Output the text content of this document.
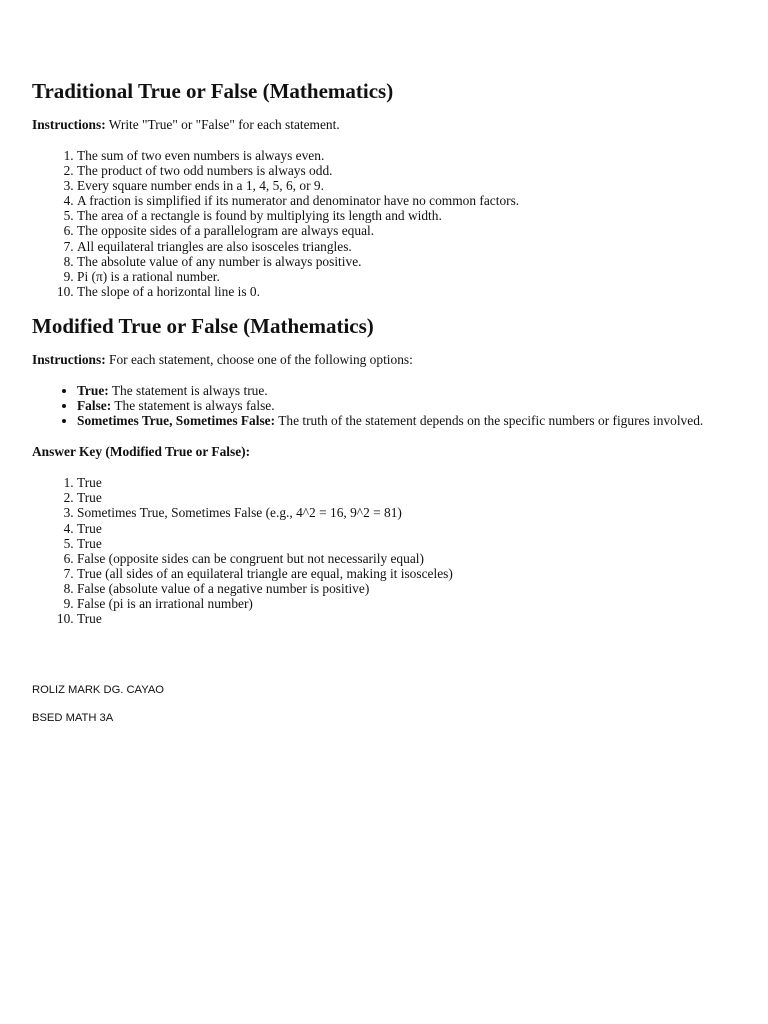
Traditional True or False (Mathematics)

Instructions: Write "True" or "False" for each statement.

1. The sum of two even numbers is always even.
2. The product of two odd numbers is always odd.
3. Every square number ends in a 1, 4, 5, 6, or 9.
4. A fraction is simplified if its numerator and denominator have no common factors.
5. The area of a rectangle is found by multiplying its length and width.
6. The opposite sides of a parallelogram are always equal.
7. All equilateral triangles are also isosceles triangles.
8. The absolute value of any number is always positive.
9. Pi (π) is a rational number.
10. The slope of a horizontal line is 0.
Modified True or False (Mathematics)

Instructions: For each statement, choose one of the following options:

• True: The statement is always true.
• False: The statement is always false.
• Sometimes True, Sometimes False: The truth of the statement depends on the specific numbers or figures involved.

Answer Key (Modified True or False):

1. True
2. True
3. Sometimes True, Sometimes False (e.g., 4^2 = 16, 9^2 = 81)
4. True
5. True
6. False (opposite sides can be congruent but not necessarily equal)
7. True (all sides of an equilateral triangle are equal, making it isosceles)
8. False (absolute value of a negative number is positive)
9. False (pi is an irrational number)
10. True
ROLIZ MARK DG. CAYAO
BSED MATH 3A
